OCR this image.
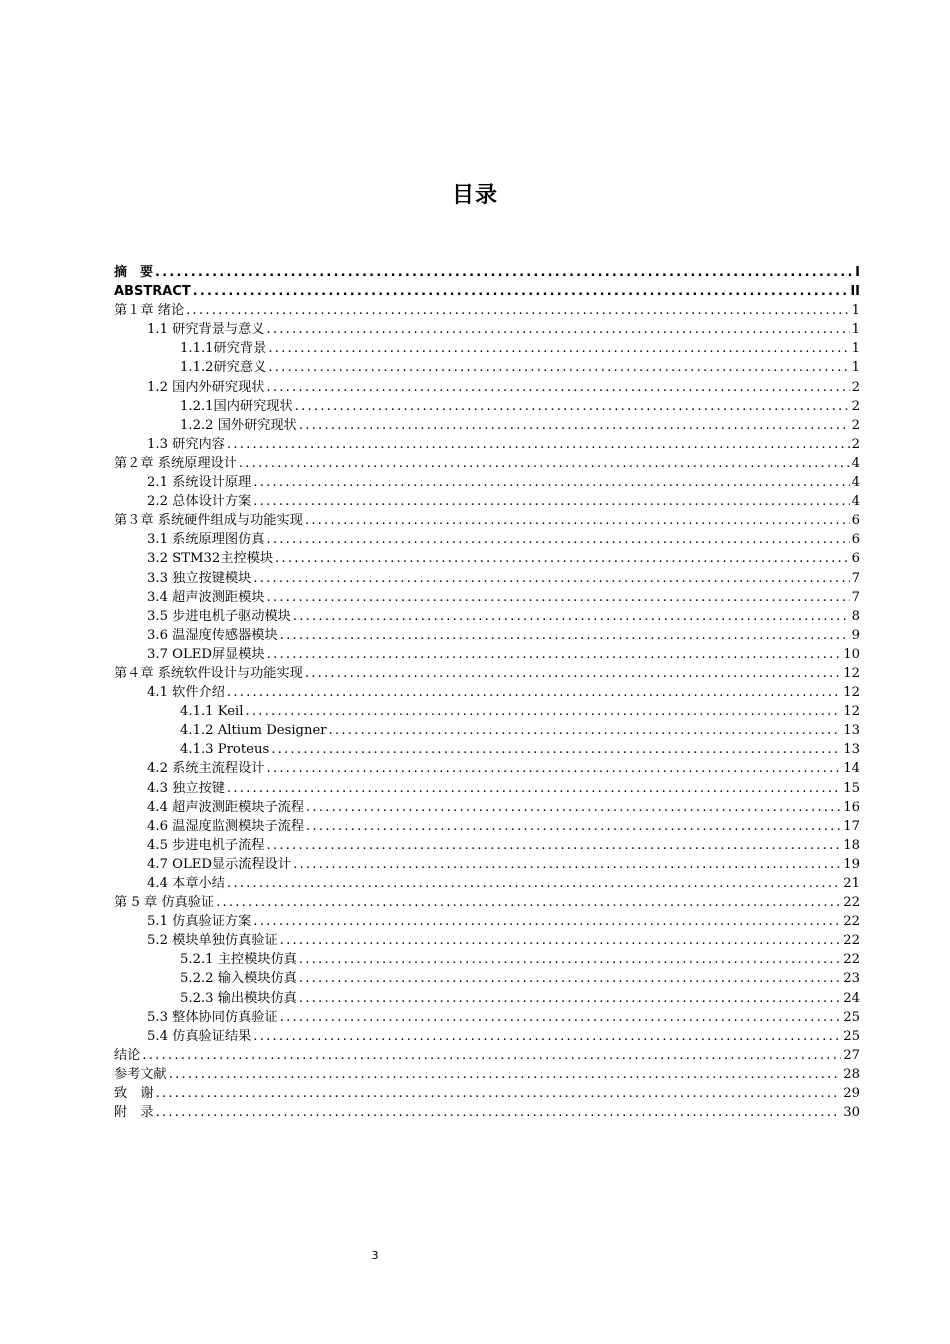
目录
摘　要 .....	I
ABSTRACT .....	II
第１章 绪论 .....	1
1.1 研究背景与意义 .....	1
1.1.1研究背景 .....	1
1.1.2研究意义 .....	1
1.2 国内外研究现状 .....	2
1.2.1国内研究现状 .....	2
1.2.2 国外研究现状 .....	2
1.3 研究内容 .....	2
第２章 系统原理设计 .....	4
2.1 系统设计原理 .....	4
2.2 总体设计方案 .....	4
第３章 系统硬件组成与功能实现 .....	6
3.1 系统原理图仿真 .....	6
3.2 STM32主控模块 .....	6
3.3 独立按键模块 .....	7
3.4 超声波测距模块 .....	7
3.5 步进电机子驱动模块 .....	8
3.6 温湿度传感器模块 .....	9
3.7 OLED屏显模块 .....	10
第４章 系统软件设计与功能实现 .....	12
4.1 软件介绍 .....	12
4.1.1 Keil .....	12
4.1.2 Altium Designer .....	13
4.1.3 Proteus .....	13
4.2 系统主流程设计 .....	14
4.3 独立按键 .....	15
4.4 超声波测距模块子流程 .....	16
4.6 温湿度监测模块子流程 .....	17
4.5 步进电机子流程 .....	18
4.7 OLED显示流程设计 .....	19
4.4 本章小结 .....	21
第 5 章 仿真验证 .....	22
5.1 仿真验证方案 .....	22
5.2 模块单独仿真验证 .....	22
5.2.1 主控模块仿真 .....	22
5.2.2 输入模块仿真 .....	23
5.2.3 输出模块仿真 .....	24
5.3 整体协同仿真验证 .....	25
5.4 仿真验证结果 .....	25
结论 .....	27
参考文献 .....	28
致　谢 .....	29
附　录 .....	30
3
